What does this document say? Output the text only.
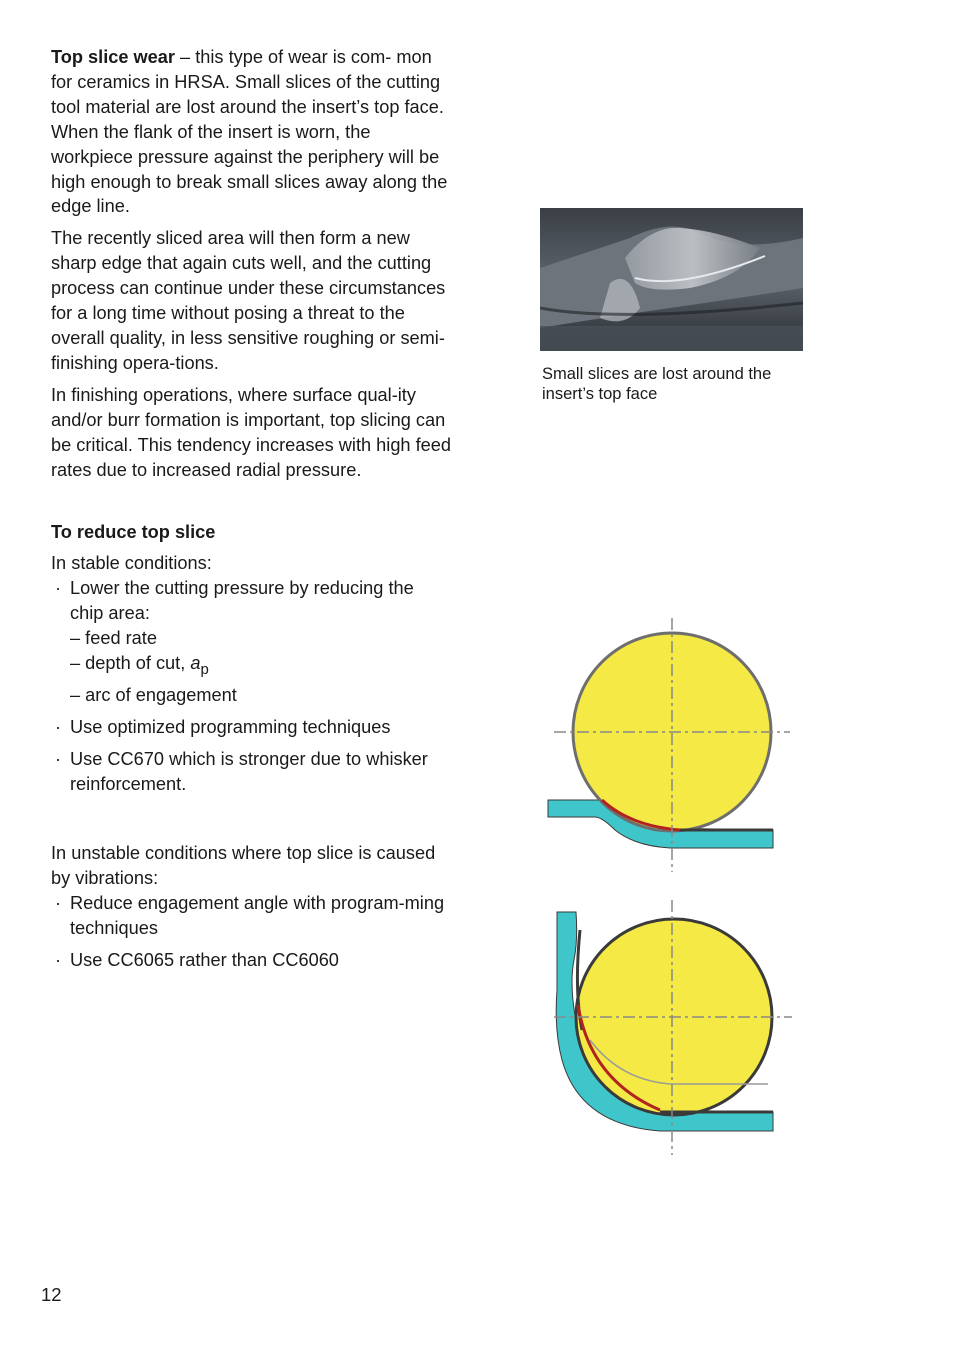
Top slice wear – this type of wear is com- mon for ceramics in HRSA. Small slices of the cutting tool material are lost around the insert’s top face. When the flank of the insert is worn, the workpiece pressure against the periphery will be high enough to break small slices away along the edge line.

The recently sliced area will then form a new sharp edge that again cuts well, and the cutting process can continue under these circumstances for a long time without posing a threat to the overall quality, in less sensitive roughing or semi-finishing opera-tions.

In finishing operations, where surface qual-ity and/or burr formation is important, top slicing can be critical. This tendency increases with high feed rates due to increased radial pressure.

To reduce top slice

In stable conditions:

· Lower the cutting pressure by reducing the chip area:
– feed rate
– depth of cut, $a_p$
– arc of engagement
· Use optimized programming techniques
· Use CC670 which is stronger due to whisker reinforcement.

In unstable conditions where top slice is caused by vibrations:

· Reduce engagement angle with program-ming techniques
· Use CC6065 rather than CC6060
Small slices are lost around the insert’s top face
12
